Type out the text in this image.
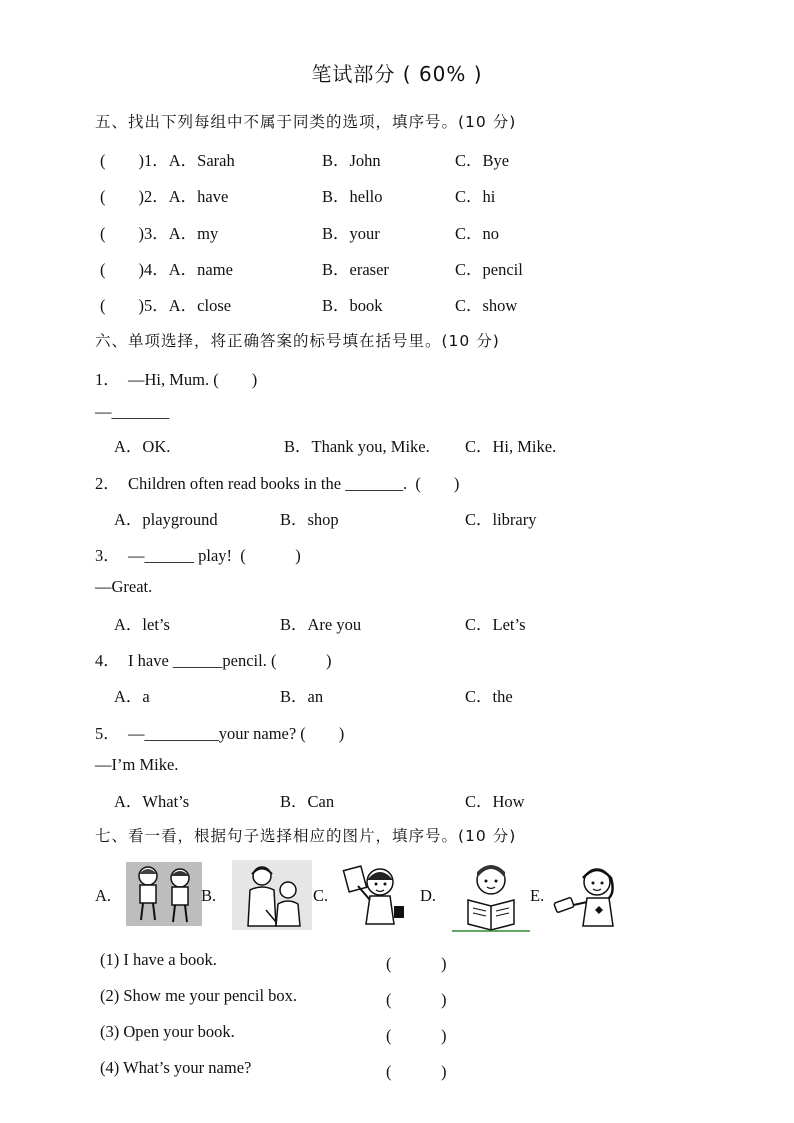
笔试部分 ( 60% )
五、找出下列每组中不属于同类的选项，填序号。(10 分)
(　　)1．A．Sarah	B．John	C．Bye
(　　)2．A．have	B．hello	C．hi
(　　)3．A．my	B．your	C．no
(　　)4．A．name	B．eraser	C．pencil
(　　)5．A．close	B．book	C．show
六、单项选择，将正确答案的标号填在括号里。(10 分)
1．　—Hi, Mum. (　　)
—_______
A．OK.	B．Thank you, Mike. C．Hi, Mike.
2．　Children often read books in the _______.  (　　)
A．playground	B．shop	C．library
3．　—______ play!  (　　　)
—Great.
A．let’s	B．Are you	C．Let’s
4．　I have ______pencil. (　　　)
A．a	B．an	C．the
5．　—_________your name? (　　)
—I’m Mike.
A．What’s	B．Can	C．How
七、看一看，根据句子选择相应的图片，填序号。(10 分)
A.	B.	C.	D.	E.
(1) I have a book.	(　　　)
(2) Show me your pencil box.	(　　　)
(3) Open your book.	(　　　)
(4) What’s your name?	(　　　)
